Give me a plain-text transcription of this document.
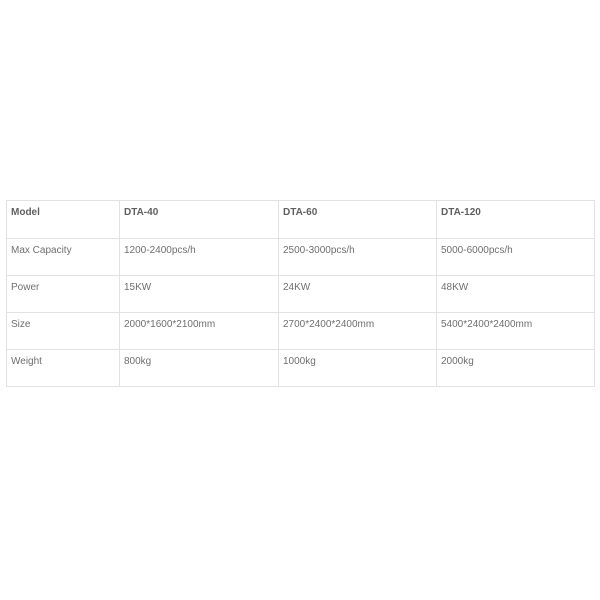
Model	DTA-40	DTA-60	DTA-120

Max Capacity	1200-2400pcs/h	2500-3000pcs/h	5000-6000pcs/h

Power	15KW	24KW	48KW

Size	2000*1600*2100mm	2700*2400*2400mm	5400*2400*2400mm

Weight	800kg	1000kg	2000kg
